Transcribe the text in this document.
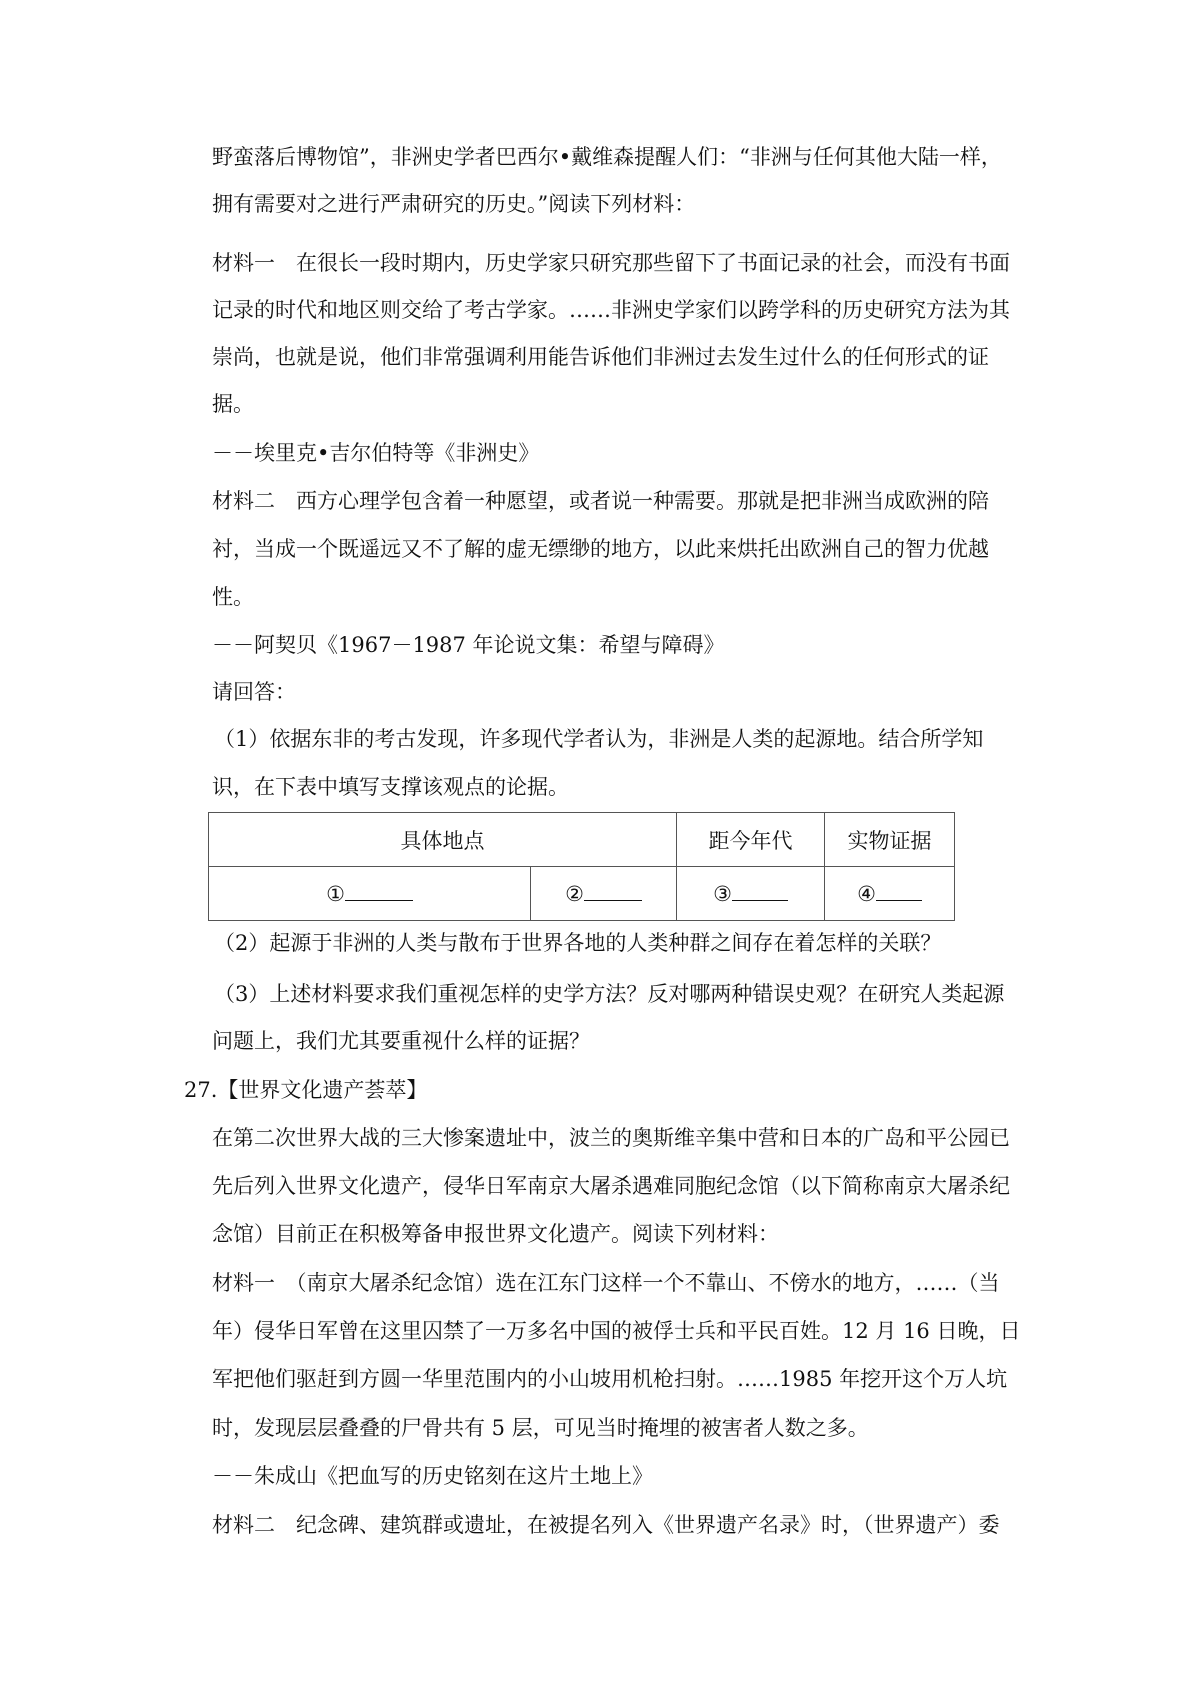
野蛮落后博物馆”，非洲史学者巴西尔•戴维森提醒人们：“非洲与任何其他大陆一样，
拥有需要对之进行严肃研究的历史。”阅读下列材料：
材料一　在很长一段时期内，历史学家只研究那些留下了书面记录的社会，而没有书面
记录的时代和地区则交给了考古学家。……非洲史学家们以跨学科的历史研究方法为其
崇尚，也就是说，他们非常强调利用能告诉他们非洲过去发生过什么的任何形式的证
据。
－－埃里克•吉尔伯特等《非洲史》
材料二　西方心理学包含着一种愿望，或者说一种需要。那就是把非洲当成欧洲的陪
衬，当成一个既遥远又不了解的虚无缥缈的地方，以此来烘托出欧洲自己的智力优越
性。
－－阿契贝《1967－1987 年论说文集：希望与障碍》
请回答：
（1）依据东非的考古发现，许多现代学者认为，非洲是人类的起源地。结合所学知
识，在下表中填写支撑该观点的论据。
具体地点		距今年代	实物证据
①	②	③	④
（2）起源于非洲的人类与散布于世界各地的人类种群之间存在着怎样的关联？
（3）上述材料要求我们重视怎样的史学方法？反对哪两种错误史观？在研究人类起源
问题上，我们尤其要重视什么样的证据？
27.【世界文化遗产荟萃】
在第二次世界大战的三大惨案遗址中，波兰的奥斯维辛集中营和日本的广岛和平公园已
先后列入世界文化遗产，侵华日军南京大屠杀遇难同胞纪念馆（以下简称南京大屠杀纪
念馆）目前正在积极筹备申报世界文化遗产。阅读下列材料：
材料一　（南京大屠杀纪念馆）选在江东门这样一个不靠山、不傍水的地方，……（当
年）侵华日军曾在这里囚禁了一万多名中国的被俘士兵和平民百姓。12 月 16 日晚，日
军把他们驱赶到方圆一华里范围内的小山坡用机枪扫射。……1985 年挖开这个万人坑
时，发现层层叠叠的尸骨共有 5 层，可见当时掩埋的被害者人数之多。
－－朱成山《把血写的历史铭刻在这片土地上》
材料二　纪念碑、建筑群或遗址，在被提名列入《世界遗产名录》时，（世界遗产）委
